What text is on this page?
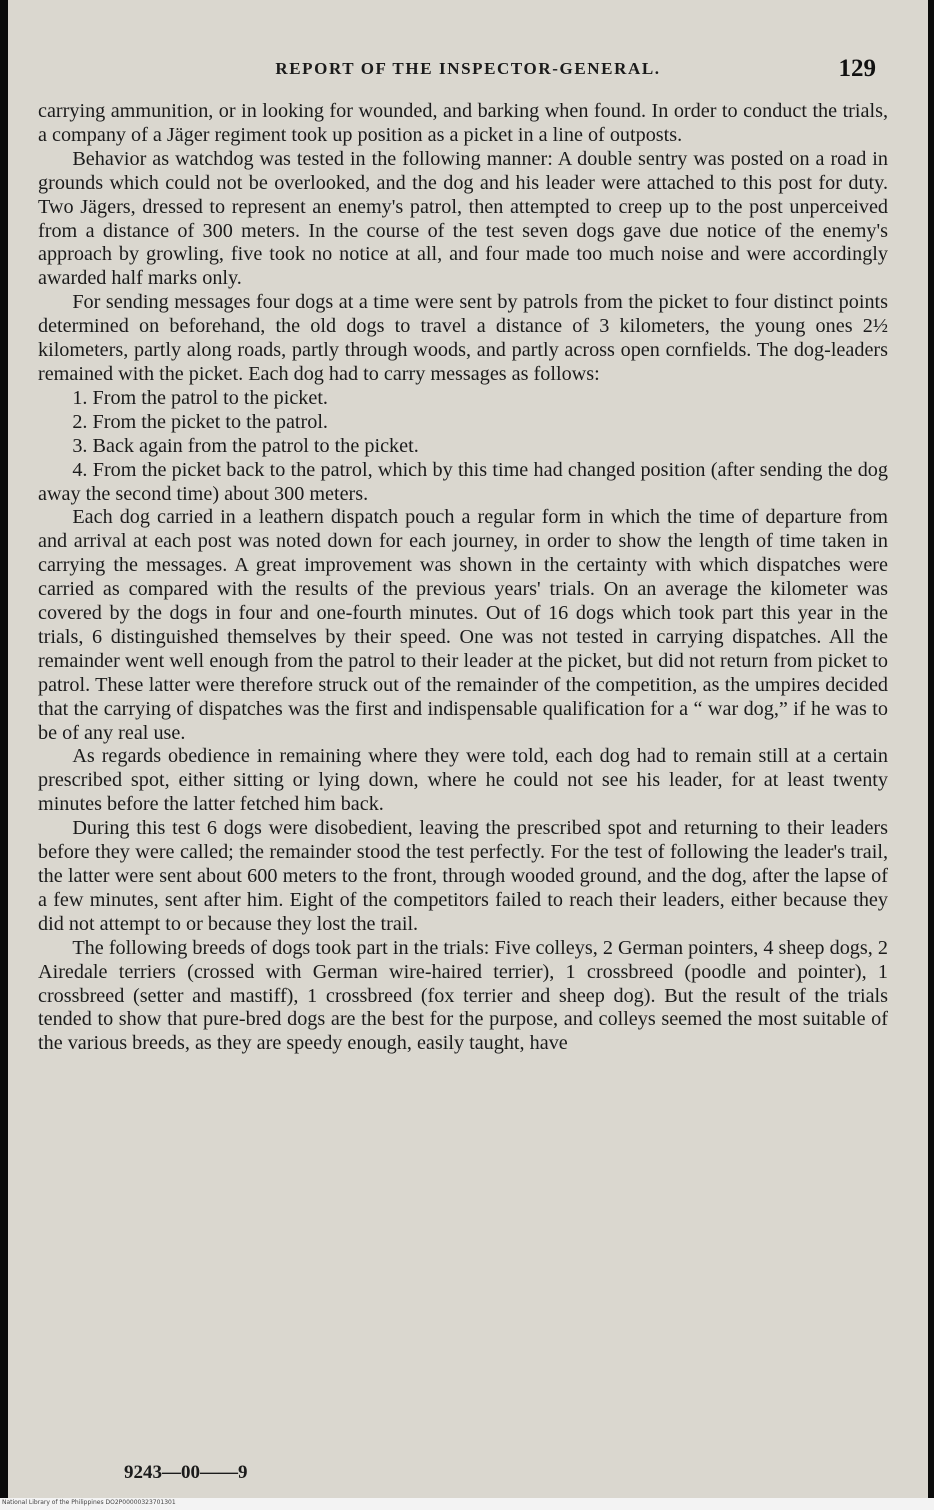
REPORT OF THE INSPECTOR-GENERAL.	129

carrying ammunition, or in looking for wounded, and barking when found. In order to conduct the trials, a company of a Jäger regiment took up position as a picket in a line of outposts.

Behavior as watchdog was tested in the following manner: A double sentry was posted on a road in grounds which could not be overlooked, and the dog and his leader were attached to this post for duty. Two Jägers, dressed to represent an enemy's patrol, then attempted to creep up to the post unperceived from a distance of 300 meters. In the course of the test seven dogs gave due notice of the enemy's approach by growling, five took no notice at all, and four made too much noise and were accordingly awarded half marks only.

For sending messages four dogs at a time were sent by patrols from the picket to four distinct points determined on beforehand, the old dogs to travel a distance of 3 kilometers, the young ones 2½ kilometers, partly along roads, partly through woods, and partly across open cornfields. The dog-leaders remained with the picket. Each dog had to carry messages as follows:

1. From the patrol to the picket.

2. From the picket to the patrol.

3. Back again from the patrol to the picket.

4. From the picket back to the patrol, which by this time had changed position (after sending the dog away the second time) about 300 meters.

Each dog carried in a leathern dispatch pouch a regular form in which the time of departure from and arrival at each post was noted down for each journey, in order to show the length of time taken in carrying the messages. A great improvement was shown in the certainty with which dispatches were carried as compared with the results of the previous years' trials. On an average the kilometer was covered by the dogs in four and one-fourth minutes. Out of 16 dogs which took part this year in the trials, 6 distinguished themselves by their speed. One was not tested in carrying dispatches. All the remainder went well enough from the patrol to their leader at the picket, but did not return from picket to patrol. These latter were therefore struck out of the remainder of the competition, as the umpires decided that the carrying of dispatches was the first and indispensable qualification for a “ war dog,” if he was to be of any real use.

As regards obedience in remaining where they were told, each dog had to remain still at a certain prescribed spot, either sitting or lying down, where he could not see his leader, for at least twenty minutes before the latter fetched him back.

During this test 6 dogs were disobedient, leaving the prescribed spot and returning to their leaders before they were called; the remainder stood the test perfectly. For the test of following the leader's trail, the latter were sent about 600 meters to the front, through wooded ground, and the dog, after the lapse of a few minutes, sent after him. Eight of the competitors failed to reach their leaders, either because they did not attempt to or because they lost the trail.

The following breeds of dogs took part in the trials: Five colleys, 2 German pointers, 4 sheep dogs, 2 Airedale terriers (crossed with German wire-haired terrier), 1 crossbreed (poodle and pointer), 1 crossbreed (setter and mastiff), 1 crossbreed (fox terrier and sheep dog). But the result of the trials tended to show that pure-bred dogs are the best for the purpose, and colleys seemed the most suitable of the various breeds, as they are speedy enough, easily taught, have

9243—00——9
National Library of the Philippines DO2P00000323701301
